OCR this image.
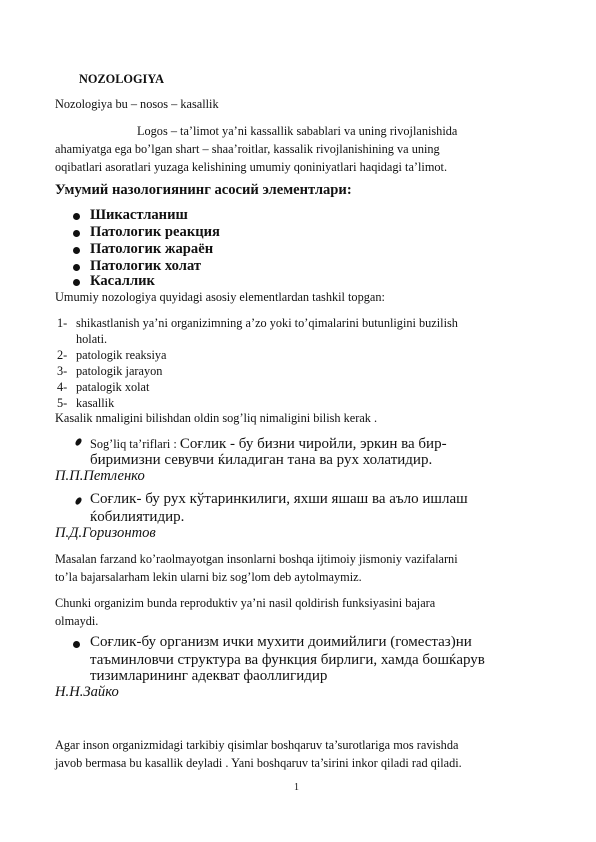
NOZOLOGIYA
Nozologiya bu – nosos – kasallik
Logos – ta’limot ya’ni kassallik sabablari va uning rivojlanishida
ahamiyatga ega bo’lgan shart – shaa’roitlar, kassalik rivojlanishining va uning
oqibatlari asoratlari yuzaga kelishining umumiy qoniniyatlari haqidagi ta’limot.
Умумий назологиянинг асосий элементлари:
Шикастланиш
Патологик реакция
Патологик жараён
Патологик холат
Касаллик
Umumiy nozologiya quyidagi asosiy elementlardan tashkil topgan:
1- shikastlanish ya’ni organizimning a’zo yoki to’qimalarini butunligini buzilish
holati.
2- patologik reaksiya
3- patologik jarayon
4- patalogik xolat
5- kasallik
Kasalik nmaligini bilishdan oldin sog’liq nimaligini bilish kerak .
Sog’liq ta’riflari : Соғлик - бу бизни чиройли, эркин ва бир-
биримизни севувчи ќиладиган тана ва рух холатидир.
П.П.Петленко
Соғлик- бу рух кўтаринкилиги, яхши яшаш ва аъло ишлаш
ќобилиятидир.
П.Д.Горизонтов
Masalan farzand ko’raolmayotgan insonlarni boshqa ijtimoiy jismoniy vazifalarni
to’la bajarsalarham lekin ularni biz sog’lom deb aytolmaymiz.
Chunki organizim bunda reproduktiv ya’ni nasil qoldirish funksiyasini bajara
olmaydi.
Соғлик-бу организм ички мухити доимийлиги (гоместаз)ни
таъминловчи структура ва функция бирлиги, хамда бошќарув
тизимларининг адекват фаоллигидир
Н.Н.Зайко
Agar inson organizmidagi tarkibiy qisimlar boshqaruv ta’surotlariga mos ravishda
javob bermasa bu kasallik deyladi . Yani boshqaruv ta’sirini inkor qiladi rad qiladi.
1
